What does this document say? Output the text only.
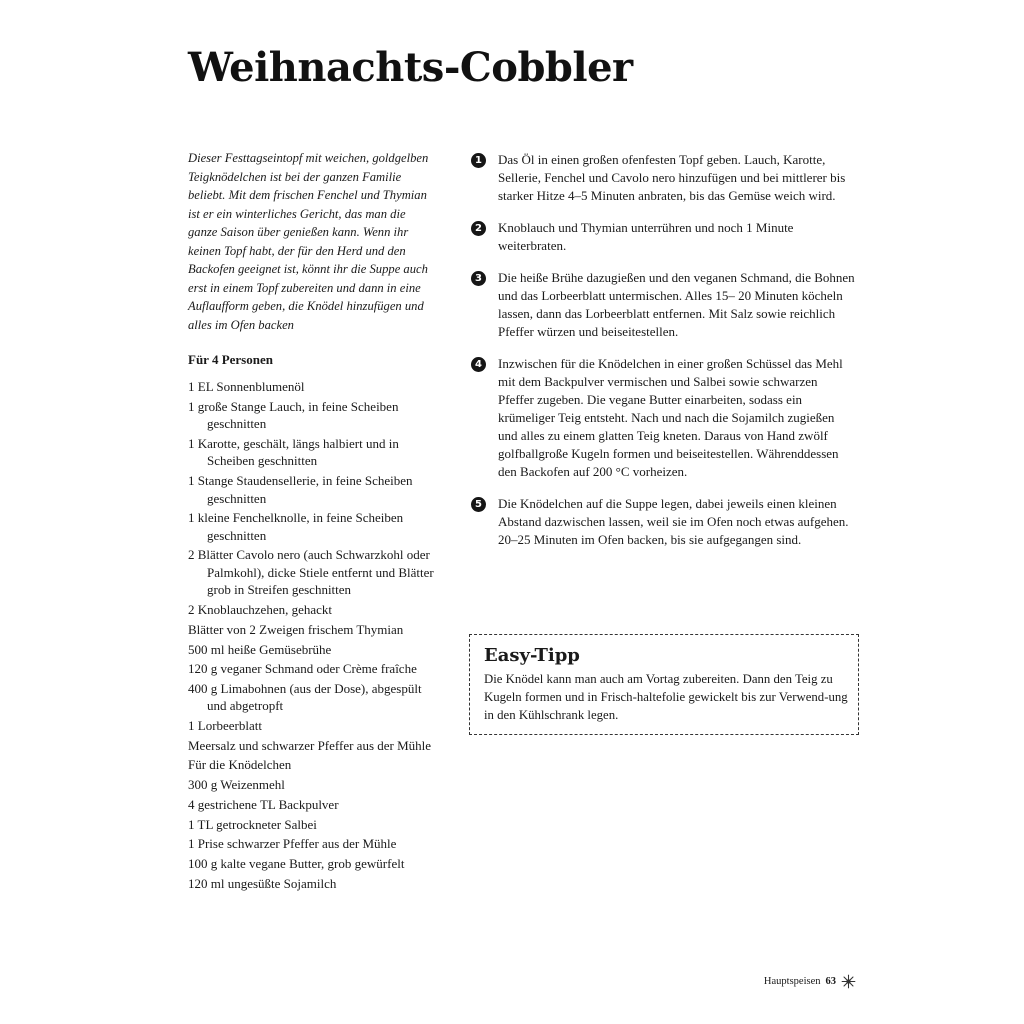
Weihnachts-Cobbler

Dieser Festtagseintopf mit weichen, goldgelben Teigknödelchen ist bei der ganzen Familie beliebt. Mit dem frischen Fenchel und Thymian ist er ein winterliches Gericht, das man die ganze Saison über genießen kann. Wenn ihr keinen Topf habt, der für den Herd und den Backofen geeignet ist, könnt ihr die Suppe auch erst in einem Topf zubereiten und dann in eine Auflaufform geben, die Knödel hinzufügen und alles im Ofen backen

Für 4 Personen

1 EL Sonnenblumenöl
1 große Stange Lauch, in feine Scheiben geschnitten
1 Karotte, geschält, längs halbiert und in Scheiben geschnitten
1 Stange Staudensellerie, in feine Scheiben geschnitten
1 kleine Fenchelknolle, in feine Scheiben geschnitten
2 Blätter Cavolo nero (auch Schwarzkohl oder Palmkohl), dicke Stiele entfernt und Blätter grob in Streifen geschnitten
2 Knoblauchzehen, gehackt
Blätter von 2 Zweigen frischem Thymian
500 ml heiße Gemüsebrühe
120 g veganer Schmand oder Crème fraîche
400 g Limabohnen (aus der Dose), abgespült und abgetropft
1 Lorbeerblatt
Meersalz und schwarzer Pfeffer aus der Mühle
Für die Knödelchen
300 g Weizenmehl
4 gestrichene TL Backpulver
1 TL getrockneter Salbei
1 Prise schwarzer Pfeffer aus der Mühle
100 g kalte vegane Butter, grob gewürfelt
120 ml ungesüßte Sojamilch
1	Das Öl in einen großen ofenfesten Topf geben. Lauch, Karotte, Sellerie, Fenchel und Cavolo nero hinzufügen und bei mittlerer bis starker Hitze 4–5 Minuten anbraten, bis das Gemüse weich wird.
2	Knoblauch und Thymian unterrühren und noch 1 Minute weiterbraten.
3	Die heiße Brühe dazugießen und den veganen Schmand, die Bohnen und das Lorbeerblatt untermischen. Alles 15– 20 Minuten köcheln lassen, dann das Lorbeerblatt entfernen. Mit Salz sowie reichlich Pfeffer würzen und beiseitestellen.
4	Inzwischen für die Knödelchen in einer großen Schüssel das Mehl mit dem Backpulver vermischen und Salbei sowie schwarzen Pfeffer zugeben. Die vegane Butter einarbeiten, sodass ein krümeliger Teig entsteht. Nach und nach die Sojamilch zugießen und alles zu einem glatten Teig kneten. Daraus von Hand zwölf golfballgroße Kugeln formen und beiseitestellen. Währenddessen den Backofen auf 200 °C vorheizen.
5	Die Knödelchen auf die Suppe legen, dabei jeweils einen kleinen Abstand dazwischen lassen, weil sie im Ofen noch etwas aufgehen. 20–25 Minuten im Ofen backen, bis sie aufgegangen sind.
Easy-Tipp

Die Knödel kann man auch am Vortag zubereiten. Dann den Teig zu Kugeln formen und in Frisch-haltefolie gewickelt bis zur Verwend-ung in den Kühlschrank legen.

Hauptspeisen 63
